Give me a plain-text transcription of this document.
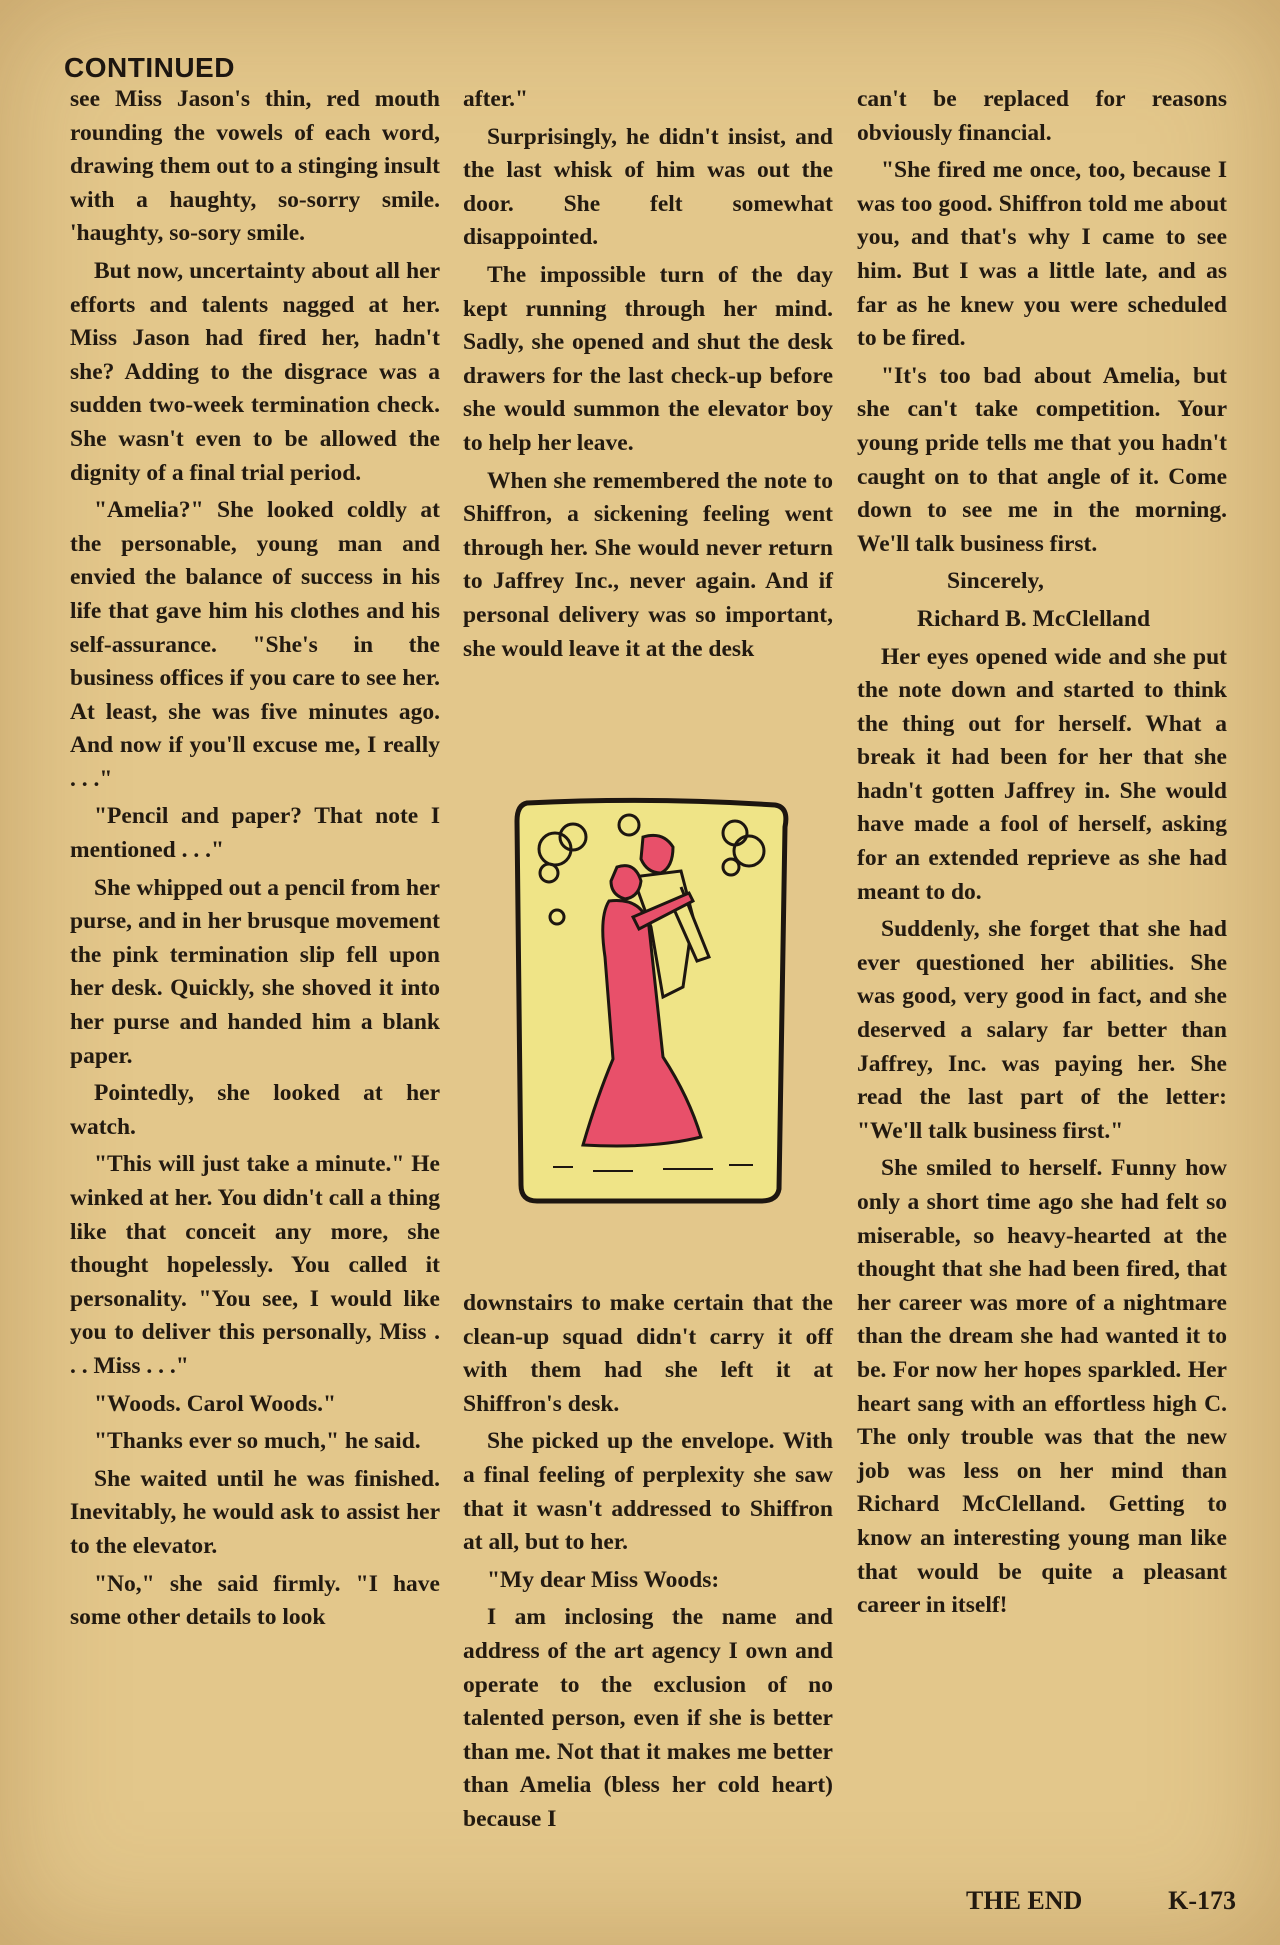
CONTINUED

see Miss Jason's thin, red mouth rounding the vowels of each word, drawing them out to a stinging insult with a haughty, so-sorry smile. 'haughty, so-sory smile.

But now, uncertainty about all her efforts and talents nagged at her. Miss Jason had fired her, hadn't she? Adding to the disgrace was a sudden two-week termination check. She wasn't even to be allowed the dignity of a final trial period.

"Amelia?" She looked coldly at the personable, young man and envied the balance of success in his life that gave him his clothes and his self-assurance. "She's in the business offices if you care to see her. At least, she was five minutes ago. And now if you'll excuse me, I really . . ."

"Pencil and paper? That note I mentioned . . ."

She whipped out a pencil from her purse, and in her brusque movement the pink termination slip fell upon her desk. Quickly, she shoved it into her purse and handed him a blank paper.

Pointedly, she looked at her watch.

"This will just take a minute." He winked at her. You didn't call a thing like that conceit any more, she thought hopelessly. You called it personality. "You see, I would like you to deliver this personally, Miss . . . Miss . . ."

"Woods. Carol Woods."

"Thanks ever so much," he said.

She waited until he was finished. Inevitably, he would ask to assist her to the elevator.

"No," she said firmly. "I have some other details to look

after."

Surprisingly, he didn't insist, and the last whisk of him was out the door. She felt somewhat disappointed.

The impossible turn of the day kept running through her mind. Sadly, she opened and shut the desk drawers for the last check-up before she would summon the elevator boy to help her leave.

When she remembered the note to Shiffron, a sickening feeling went through her. She would never return to Jaffrey Inc., never again. And if personal delivery was so important, she would leave it at the desk

downstairs to make certain that the clean-up squad didn't carry it off with them had she left it at Shiffron's desk.

She picked up the envelope. With a final feeling of perplexity she saw that it wasn't addressed to Shiffron at all, but to her.

"My dear Miss Woods:

I am inclosing the name and address of the art agency I own and operate to the exclusion of no talented person, even if she is better than me. Not that it makes me better than Amelia (bless her cold heart) because I

can't be replaced for reasons obviously financial.

"She fired me once, too, because I was too good. Shiffron told me about you, and that's why I came to see him. But I was a little late, and as far as he knew you were scheduled to be fired.

"It's too bad about Amelia, but she can't take competition. Your young pride tells me that you hadn't caught on to that angle of it. Come down to see me in the morning. We'll talk business first.

Sincerely,

Richard B. McClelland

Her eyes opened wide and she put the note down and started to think the thing out for herself. What a break it had been for her that she hadn't gotten Jaffrey in. She would have made a fool of herself, asking for an extended reprieve as she had meant to do.

Suddenly, she forget that she had ever questioned her abilities. She was good, very good in fact, and she deserved a salary far better than Jaffrey, Inc. was paying her. She read the last part of the letter: "We'll talk business first."

She smiled to herself. Funny how only a short time ago she had felt so miserable, so heavy-hearted at the thought that she had been fired, that her career was more of a nightmare than the dream she had wanted it to be. For now her hopes sparkled. Her heart sang with an effortless high C. The only trouble was that the new job was less on her mind than Richard McClelland. Getting to know an interesting young man like that would be quite a pleasant career in itself!

THE END	K-173
